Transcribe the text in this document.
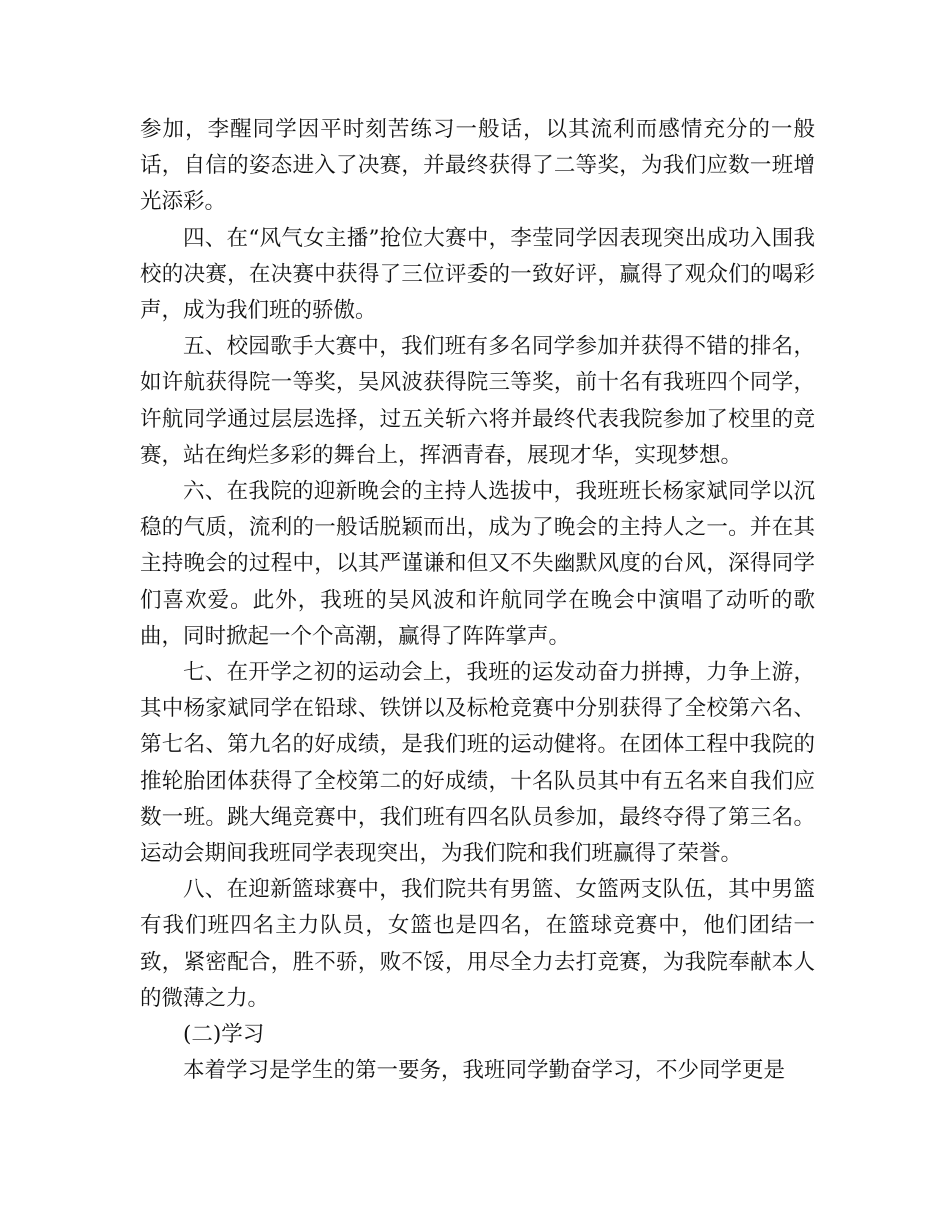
参加，李醒同学因平时刻苦练习一般话，以其流利而感情充分的一般话，自信的姿态进入了决赛，并最终获得了二等奖，为我们应数一班增光添彩。

四、在“风气女主播”抢位大赛中，李莹同学因表现突出成功入围我校的决赛，在决赛中获得了三位评委的一致好评，赢得了观众们的喝彩声，成为我们班的骄傲。

五、校园歌手大赛中，我们班有多名同学参加并获得不错的排名，如许航获得院一等奖，吴风波获得院三等奖，前十名有我班四个同学，许航同学通过层层选择，过五关斩六将并最终代表我院参加了校里的竞赛，站在绚烂多彩的舞台上，挥洒青春，展现才华，实现梦想。

六、在我院的迎新晚会的主持人选拔中，我班班长杨家斌同学以沉稳的气质，流利的一般话脱颖而出，成为了晚会的主持人之一。并在其主持晚会的过程中，以其严谨谦和但又不失幽默风度的台风，深得同学们喜欢爱。此外，我班的吴风波和许航同学在晚会中演唱了动听的歌曲，同时掀起一个个高潮，赢得了阵阵掌声。

七、在开学之初的运动会上，我班的运发动奋力拼搏，力争上游，其中杨家斌同学在铅球、铁饼以及标枪竞赛中分别获得了全校第六名、第七名、第九名的好成绩，是我们班的运动健将。在团体工程中我院的推轮胎团体获得了全校第二的好成绩，十名队员其中有五名来自我们应数一班。跳大绳竞赛中，我们班有四名队员参加，最终夺得了第三名。运动会期间我班同学表现突出，为我们院和我们班赢得了荣誉。

八、在迎新篮球赛中，我们院共有男篮、女篮两支队伍，其中男篮有我们班四名主力队员，女篮也是四名，在篮球竞赛中，他们团结一致，紧密配合，胜不骄，败不馁，用尽全力去打竞赛，为我院奉献本人的微薄之力。

(二)学习

本着学习是学生的第一要务，我班同学勤奋学习，不少同学更是
